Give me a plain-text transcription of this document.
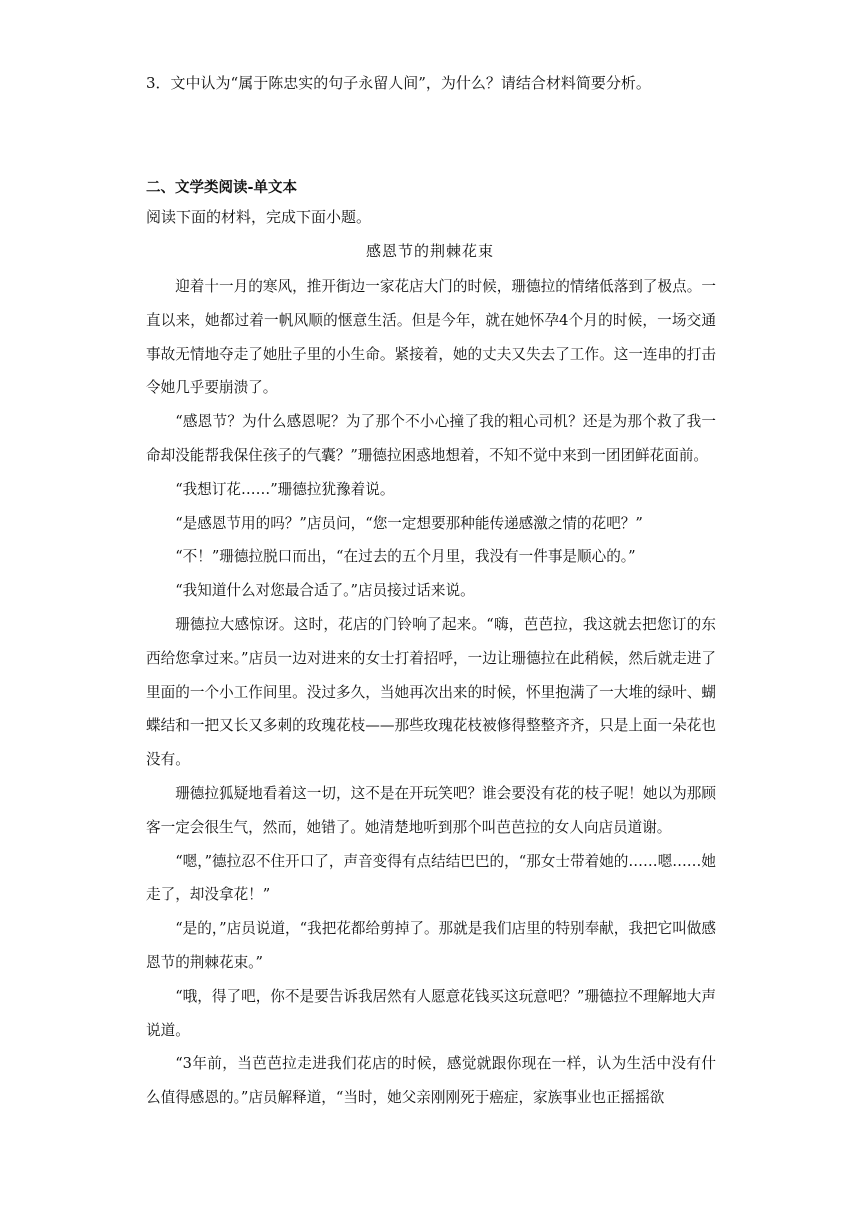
3．文中认为“属于陈忠实的句子永留人间”，为什么？请结合材料简要分析。

二、文学类阅读-单文本

阅读下面的材料，完成下面小题。

感恩节的荆棘花束

迎着十一月的寒风，推开街边一家花店大门的时候，珊德拉的情绪低落到了极点。一直以来，她都过着一帆风顺的惬意生活。但是今年，就在她怀孕4个月的时候，一场交通事故无情地夺走了她肚子里的小生命。紧接着，她的丈夫又失去了工作。这一连串的打击令她几乎要崩溃了。

“感恩节？为什么感恩呢？为了那个不小心撞了我的粗心司机？还是为那个救了我一命却没能帮我保住孩子的气囊？”珊德拉困惑地想着，不知不觉中来到一团团鲜花面前。

“我想订花……”珊德拉犹豫着说。

“是感恩节用的吗？”店员问，“您一定想要那种能传递感激之情的花吧？”

“不！”珊德拉脱口而出，“在过去的五个月里，我没有一件事是顺心的。”

“我知道什么对您最合适了。”店员接过话来说。

珊德拉大感惊讶。这时，花店的门铃响了起来。“嗨，芭芭拉，我这就去把您订的东西给您拿过来。”店员一边对进来的女士打着招呼，一边让珊德拉在此稍候，然后就走进了里面的一个小工作间里。没过多久，当她再次出来的时候，怀里抱满了一大堆的绿叶、蝴蝶结和一把又长又多刺的玫瑰花枝——那些玫瑰花枝被修得整整齐齐，只是上面一朵花也没有。

珊德拉狐疑地看着这一切，这不是在开玩笑吧？谁会要没有花的枝子呢！她以为那顾客一定会很生气，然而，她错了。她清楚地听到那个叫芭芭拉的女人向店员道谢。

“嗯，”德拉忍不住开口了，声音变得有点结结巴巴的，“那女士带着她的……嗯……她走了，却没拿花！”

“是的，”店员说道，“我把花都给剪掉了。那就是我们店里的特别奉献，我把它叫做感恩节的荆棘花束。”

“哦，得了吧，你不是要告诉我居然有人愿意花钱买这玩意吧？”珊德拉不理解地大声说道。

“3年前，当芭芭拉走进我们花店的时候，感觉就跟你现在一样，认为生活中没有什么值得感恩的。”店员解释道，“当时，她父亲刚刚死于癌症，家族事业也正摇摇欲
